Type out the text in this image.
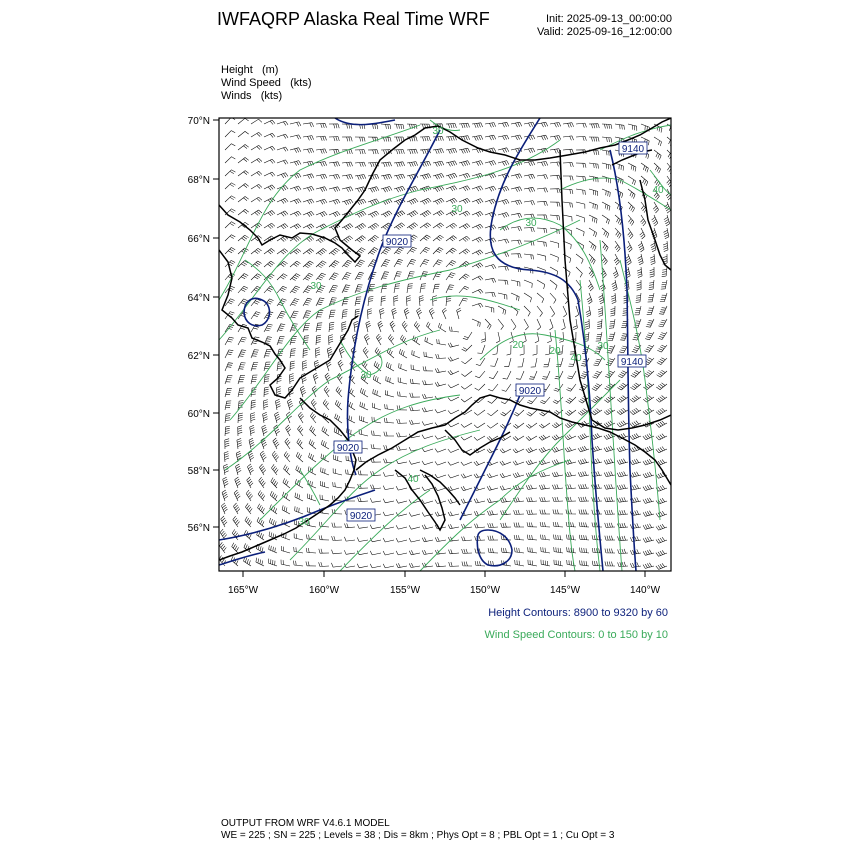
IWFAQRP Alaska Real Time WRF	Init: 2025-09-13_00:00:00
Valid: 2025-09-16_12:00:00
Height   (m)
Wind Speed   (kts)
Winds   (kts)
9020
9020
9020
9020
9140
9140
30
30
30
30
30
40
40
40
30
20
20	30
70°N
68°N
66°N
64°N
62°N
60°N
58°N
56°N
165°W	160°W	155°W	150°W	145°W	140°W
Height Contours: 8900 to 9320 by 60
Wind Speed Contours: 0 to 150 by 10
OUTPUT FROM WRF V4.6.1 MODEL
WE = 225 ; SN = 225 ; Levels = 38 ; Dis = 8km ; Phys Opt = 8 ; PBL Opt = 1 ; Cu Opt = 3
